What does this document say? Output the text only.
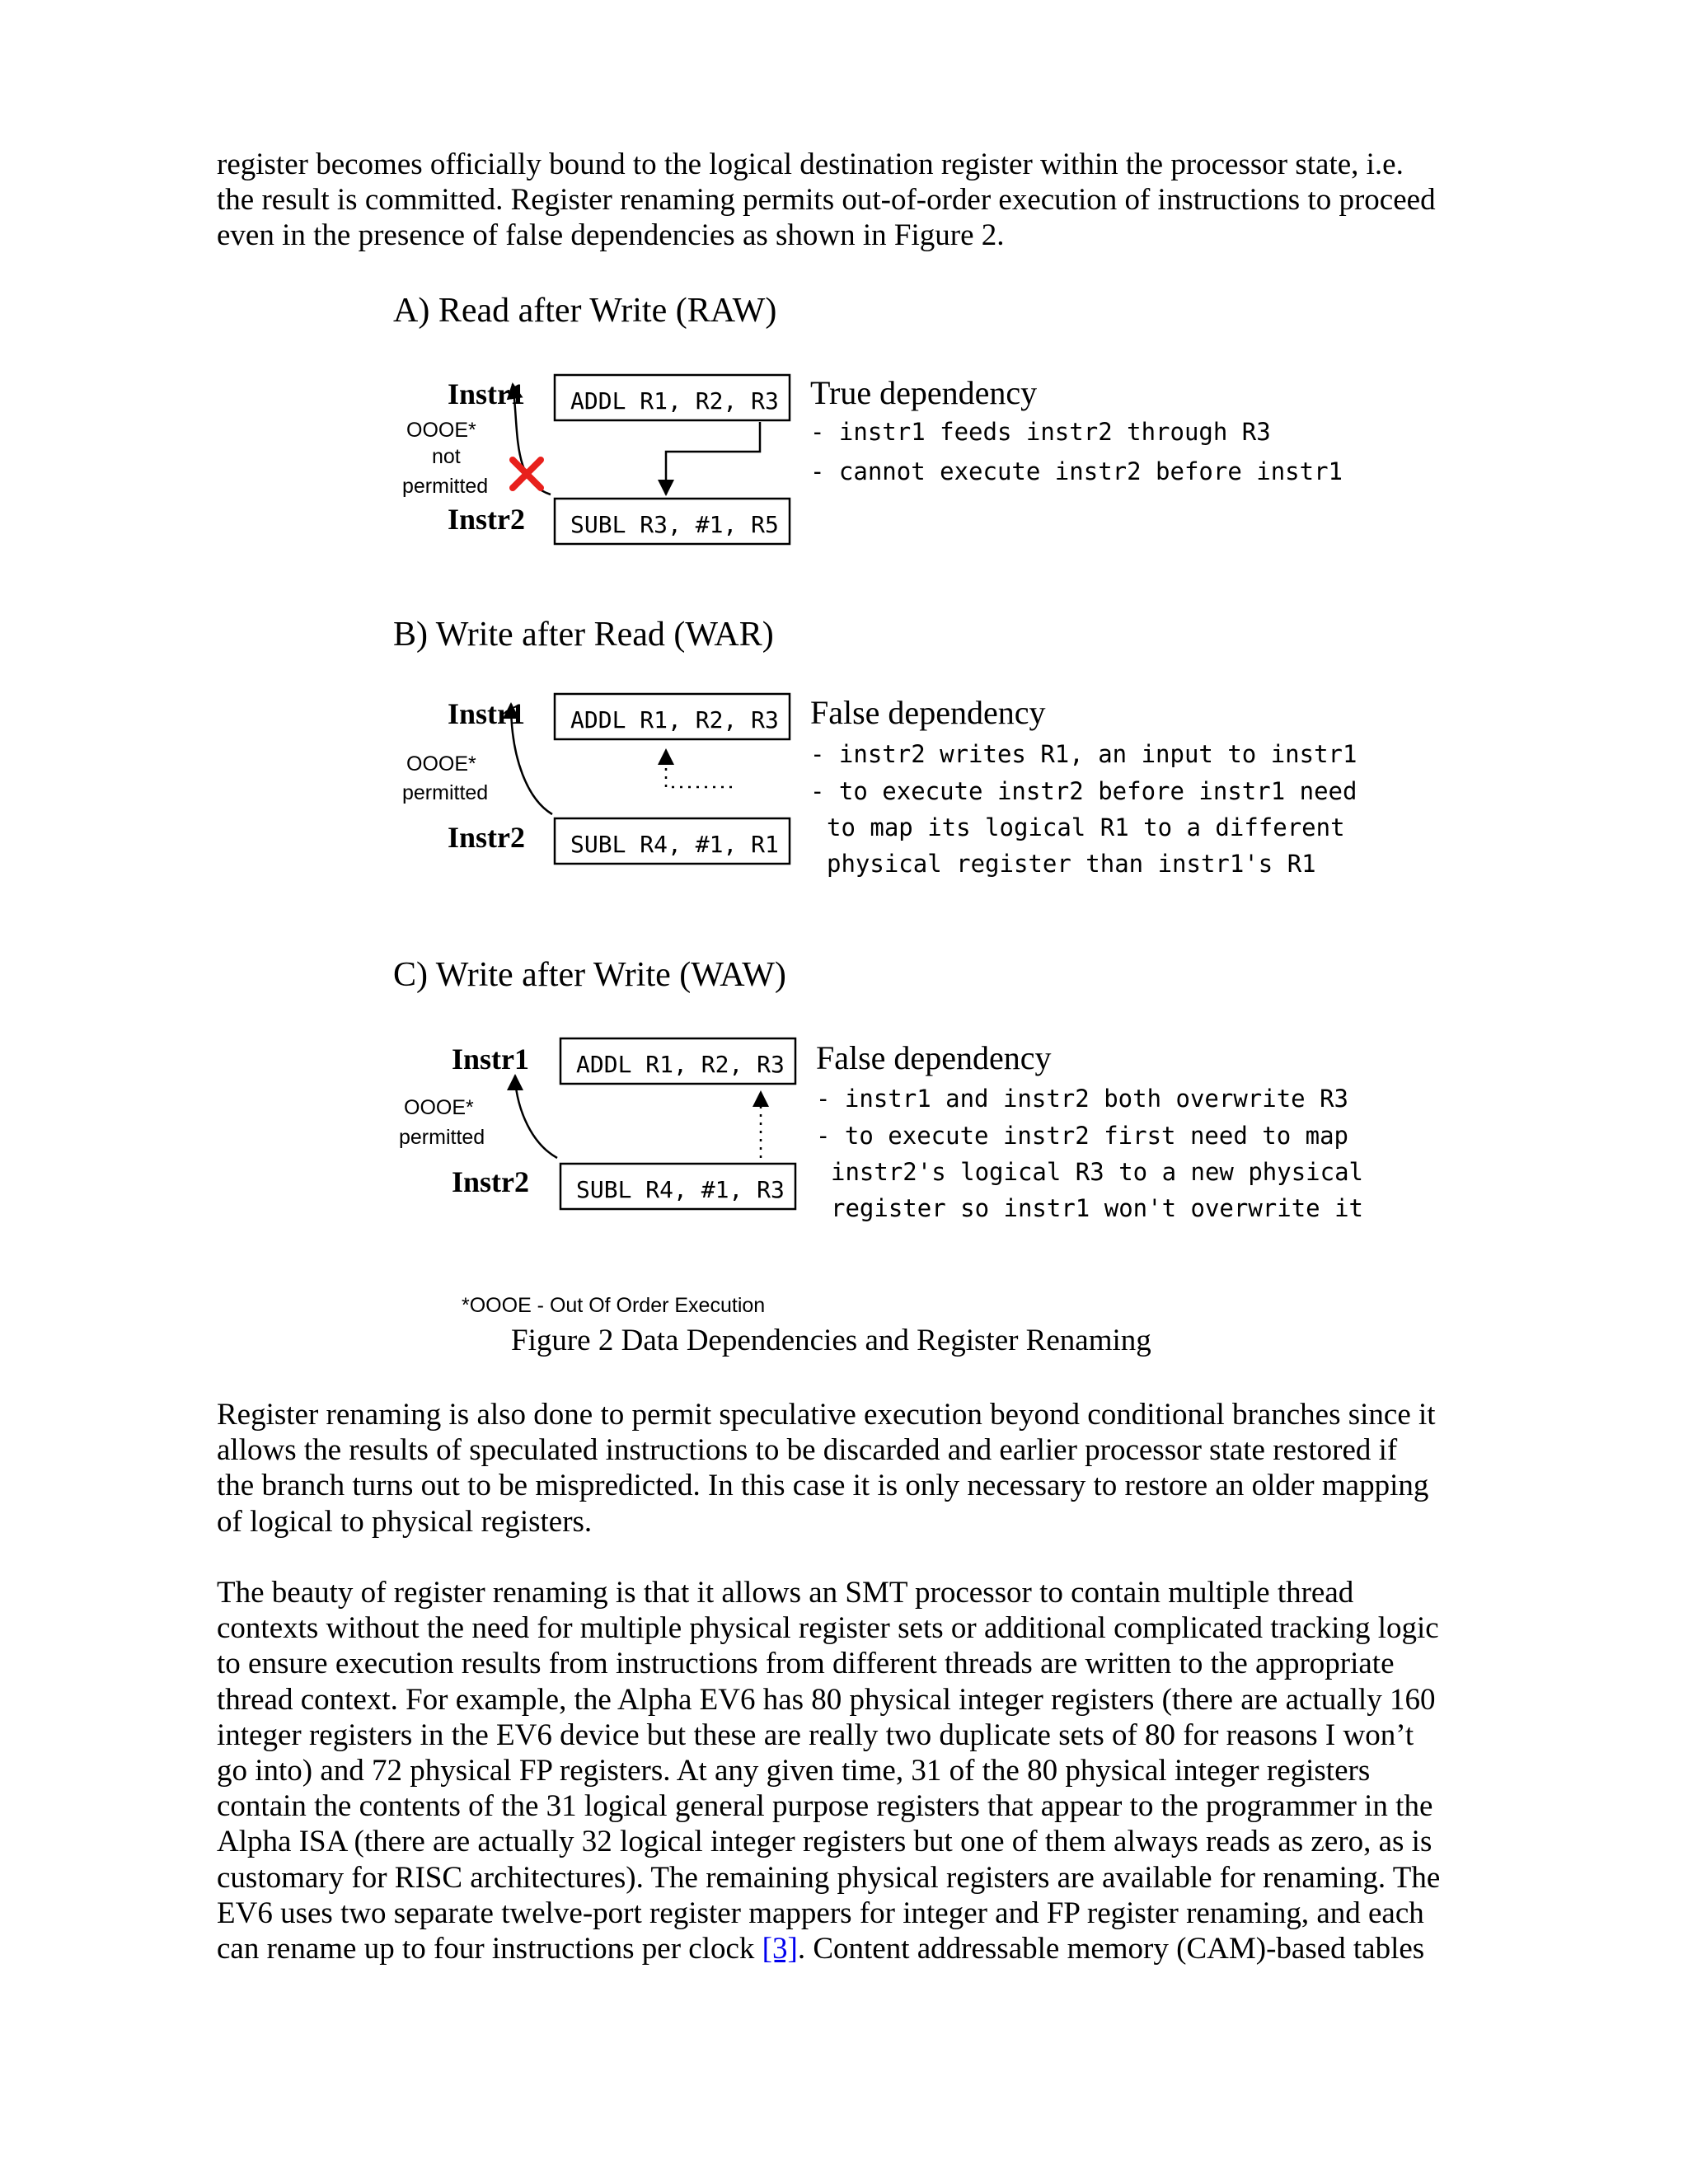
register becomes officially bound to the logical destination register within the processor state, i.e.
the result is committed. Register renaming permits out-of-order execution of instructions to proceed
even in the presence of false dependencies as shown in Figure 2.
A) Read after Write (RAW)
Instr1
Instr2
ADDL R1, R2, R3
SUBL R3, #1, R5
OOOE*
not
permitted
True dependency
- instr1 feeds instr2 through R3
- cannot execute instr2 before instr1
B) Write after Read (WAR)
Instr1
Instr2
ADDL R1, R2, R3
SUBL R4, #1, R1
OOOE*
permitted
False dependency
- instr2 writes R1, an input to instr1
- to execute instr2 before instr1 need
to map its logical R1 to a different
physical register than instr1's R1
C) Write after Write (WAW)
Instr1
Instr2
ADDL R1, R2, R3
SUBL R4, #1, R3
OOOE*
permitted
False dependency
- instr1 and instr2 both overwrite R3
- to execute instr2 first need to map
instr2's logical R3 to a new physical
register so instr1 won't overwrite it
*OOOE - Out Of Order Execution
Figure 2 Data Dependencies and Register Renaming
Register renaming is also done to permit speculative execution beyond conditional branches since it
allows the results of speculated instructions to be discarded and earlier processor state restored if
the branch turns out to be mispredicted. In this case it is only necessary to restore an older mapping
of logical to physical registers.
The beauty of register renaming is that it allows an SMT processor to contain multiple thread
contexts without the need for multiple physical register sets or additional complicated tracking logic
to ensure execution results from instructions from different threads are written to the appropriate
thread context. For example, the Alpha EV6 has 80 physical integer registers (there are actually 160
integer registers in the EV6 device but these are really two duplicate sets of 80 for reasons I won’t
go into) and 72 physical FP registers. At any given time, 31 of the 80 physical integer registers
contain the contents of the 31 logical general purpose registers that appear to the programmer in the
Alpha ISA (there are actually 32 logical integer registers but one of them always reads as zero, as is
customary for RISC architectures). The remaining physical registers are available for renaming. The
EV6 uses two separate twelve-port register mappers for integer and FP register renaming, and each
can rename up to four instructions per clock [3]. Content addressable memory (CAM)-based tables
